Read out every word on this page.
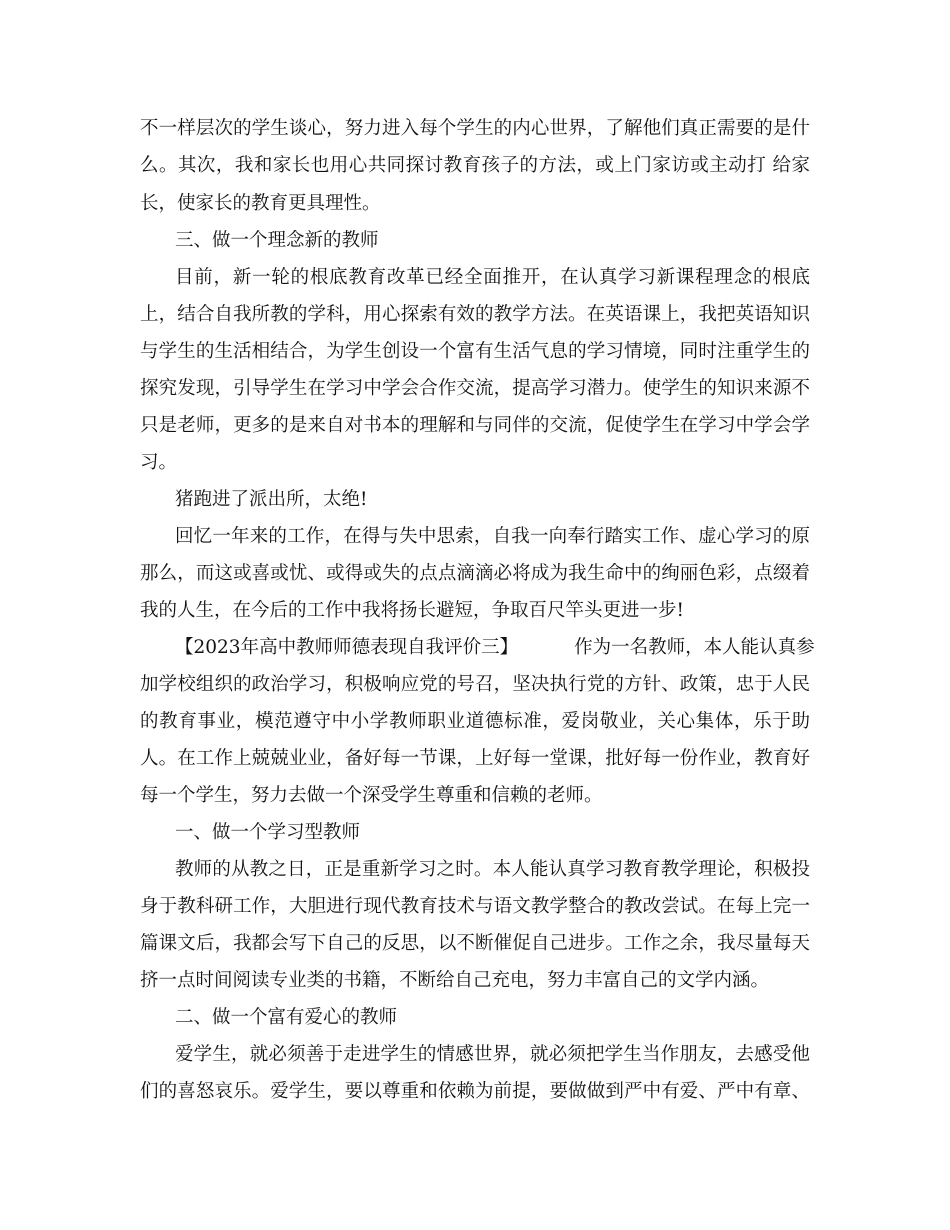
不一样层次的学生谈心，努力进入每个学生的内心世界，了解他们真正需要的是什
么。其次，我和家长也用心共同探讨教育孩子的方法，或上门家访或主动打 给家
长，使家长的教育更具理性。
三、做一个理念新的教师
目前，新一轮的根底教育改革已经全面推开，在认真学习新课程理念的根底
上，结合自我所教的学科，用心探索有效的教学方法。在英语课上，我把英语知识
与学生的生活相结合，为学生创设一个富有生活气息的学习情境，同时注重学生的
探究发现，引导学生在学习中学会合作交流，提高学习潜力。使学生的知识来源不
只是老师，更多的是来自对书本的理解和与同伴的交流，促使学生在学习中学会学
习。
猪跑进了派出所，太绝!
回忆一年来的工作，在得与失中思索，自我一向奉行踏实工作、虚心学习的原
那么，而这或喜或忧、或得或失的点点滴滴必将成为我生命中的绚丽色彩，点缀着
我的人生，在今后的工作中我将扬长避短，争取百尺竿头更进一步!
【2023年高中教师师德表现自我评价三】	作为一名教师，本人能认真参
加学校组织的政治学习，积极响应党的号召，坚决执行党的方针、政策，忠于人民
的教育事业，模范遵守中小学教师职业道德标准，爱岗敬业，关心集体，乐于助
人。在工作上兢兢业业，备好每一节课，上好每一堂课，批好每一份作业，教育好
每一个学生，努力去做一个深受学生尊重和信赖的老师。
一、做一个学习型教师
教师的从教之日，正是重新学习之时。本人能认真学习教育教学理论，积极投
身于教科研工作，大胆进行现代教育技术与语文教学整合的教改尝试。在每上完一
篇课文后，我都会写下自己的反思，以不断催促自己进步。工作之余，我尽量每天
挤一点时间阅读专业类的书籍，不断给自己充电，努力丰富自己的文学内涵。
二、做一个富有爱心的教师
爱学生，就必须善于走进学生的情感世界，就必须把学生当作朋友，去感受他
们的喜怒哀乐。爱学生，要以尊重和依赖为前提，要做做到严中有爱、严中有章、
